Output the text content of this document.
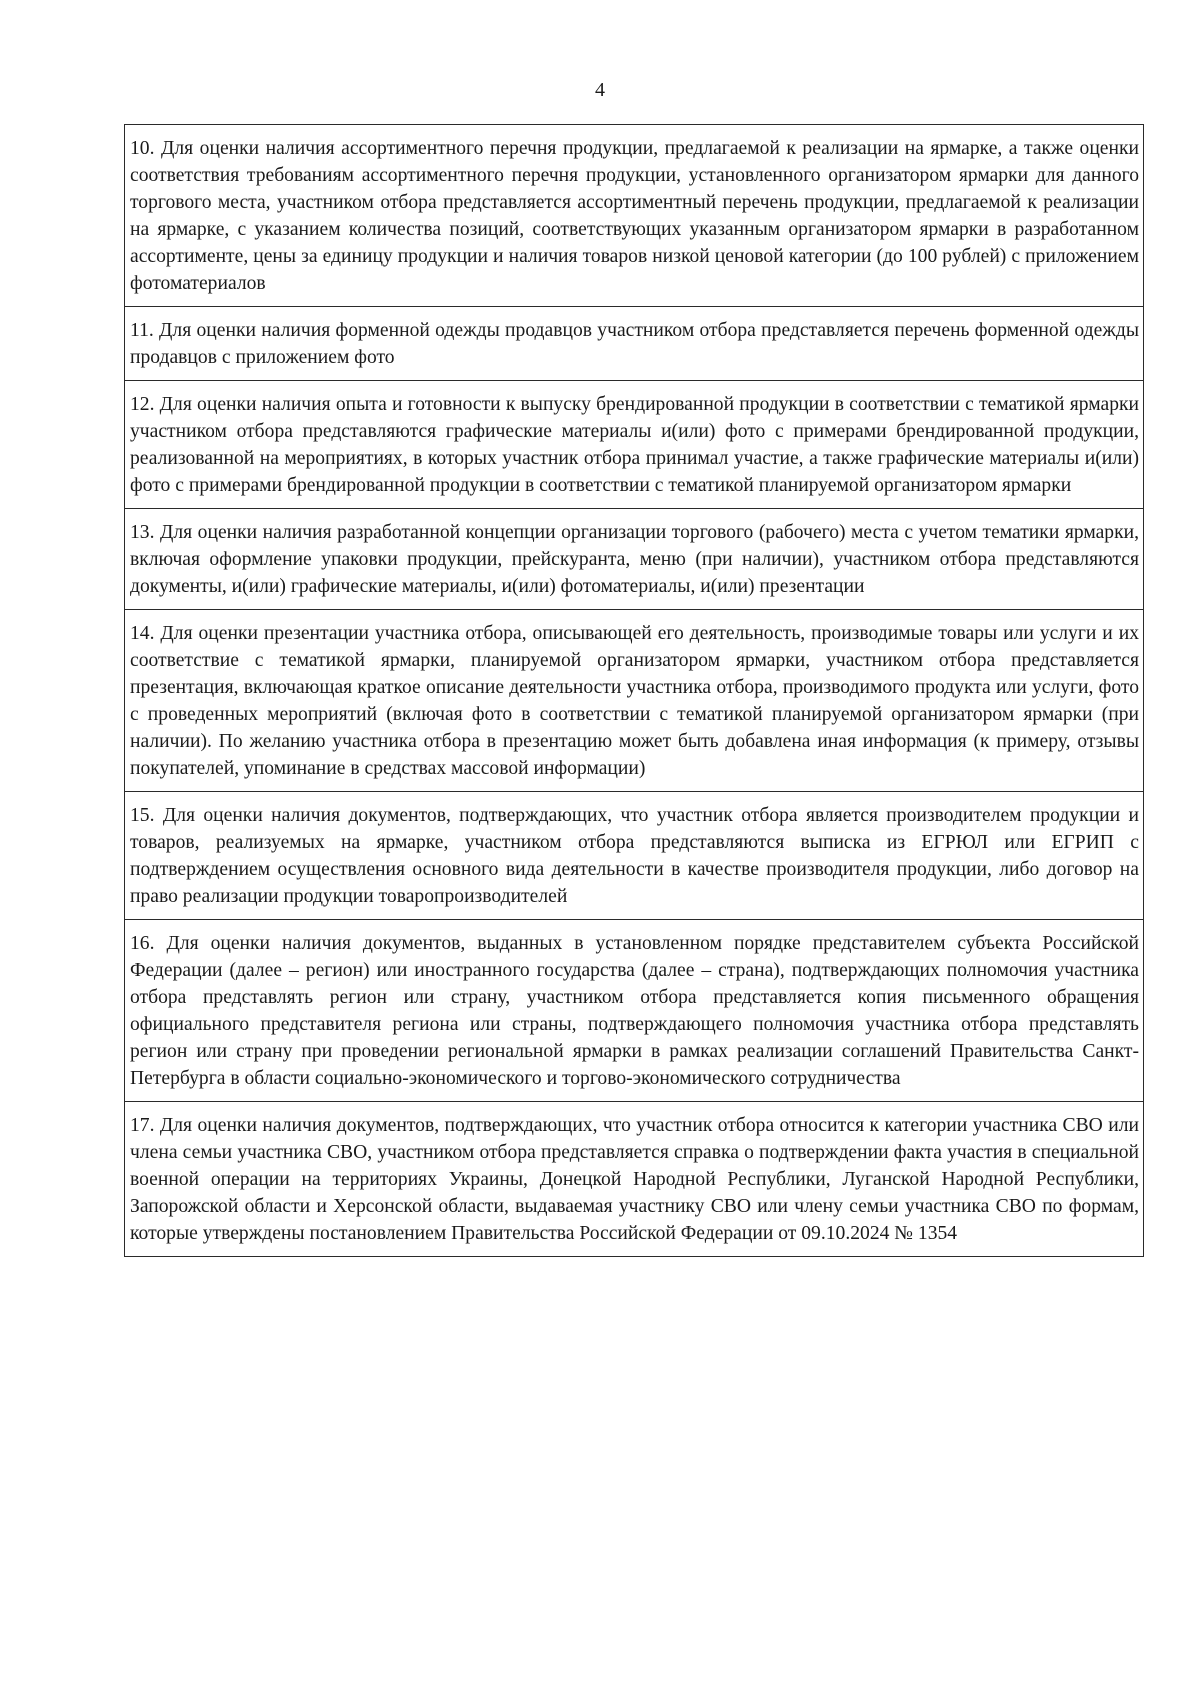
4
10. Для оценки наличия ассортиментного перечня продукции, предлагаемой к реализации на ярмарке, а также оценки соответствия требованиям ассортиментного перечня продукции, установленного организатором ярмарки для данного торгового места, участником отбора представляется ассортиментный перечень продукции, предлагаемой к реализации на ярмарке, с указанием количества позиций, соответствующих указанным организатором ярмарки в разработанном ассортименте, цены за единицу продукции и наличия товаров низкой ценовой категории (до 100 рублей) с приложением фотоматериалов
11. Для оценки наличия форменной одежды продавцов участником отбора представляется перечень форменной одежды продавцов с приложением фото
12. Для оценки наличия опыта и готовности к выпуску брендированной продукции в соответствии с тематикой ярмарки участником отбора представляются графические материалы и(или) фото с примерами брендированной продукции, реализованной на мероприятиях, в которых участник отбора принимал участие, а также графические материалы и(или) фото с примерами брендированной продукции в соответствии с тематикой планируемой организатором ярмарки
13. Для оценки наличия разработанной концепции организации торгового (рабочего) места с учетом тематики ярмарки, включая оформление упаковки продукции, прейскуранта, меню (при наличии), участником отбора представляются документы, и(или) графические материалы, и(или) фотоматериалы, и(или) презентации
14. Для оценки презентации участника отбора, описывающей его деятельность, производимые товары или услуги и их соответствие с тематикой ярмарки, планируемой организатором ярмарки, участником отбора представляется презентация, включающая краткое описание деятельности участника отбора, производимого продукта или услуги, фото с проведенных мероприятий (включая фото в соответствии с тематикой планируемой организатором ярмарки (при наличии). По желанию участника отбора в презентацию может быть добавлена иная информация (к примеру, отзывы покупателей, упоминание в средствах массовой информации)
15. Для оценки наличия документов, подтверждающих, что участник отбора является производителем продукции и товаров, реализуемых на ярмарке, участником отбора представляются выписка из ЕГРЮЛ или ЕГРИП с подтверждением осуществления основного вида деятельности в качестве производителя продукции, либо договор на право реализации продукции товаропроизводителей
16. Для оценки наличия документов, выданных в установленном порядке представителем субъекта Российской Федерации (далее – регион) или иностранного государства (далее – страна), подтверждающих полномочия участника отбора представлять регион или страну, участником отбора представляется копия письменного обращения официального представителя региона или страны, подтверждающего полномочия участника отбора представлять регион или страну при проведении региональной ярмарки в рамках реализации соглашений Правительства Санкт-Петербурга в области социально-экономического и торгово-экономического сотрудничества
17. Для оценки наличия документов, подтверждающих, что участник отбора относится к категории участника СВО или члена семьи участника СВО, участником отбора представляется справка о подтверждении факта участия в специальной военной операции на территориях Украины, Донецкой Народной Республики, Луганской Народной Республики, Запорожской области и Херсонской области, выдаваемая участнику СВО или члену семьи участника СВО по формам, которые утверждены постановлением Правительства Российской Федерации от 09.10.2024 № 1354
